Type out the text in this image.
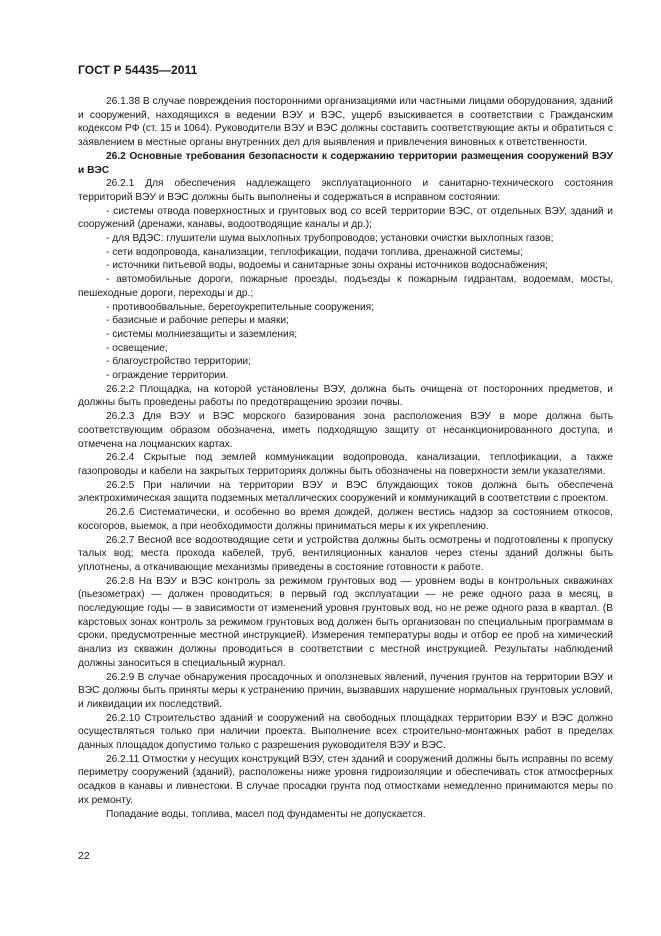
ГОСТ Р 54435—2011

26.1.38 В случае повреждения посторонними организациями или частными лицами оборудования, зданий и сооружений, находящихся в ведении ВЭУ и ВЭС, ущерб взыскивается в соответствии с Гражданским кодексом РФ (ст. 15 и 1064). Руководители ВЭУ и ВЭС должны составить соответствующие акты и обратиться с заявлением в местные органы внутренних дел для выявления и привлечения виновных к ответственности.

26.2 Основные требования безопасности к содержанию территории размещения сооружений ВЭУ и ВЭС

26.2.1 Для обеспечения надлежащего эксплуатационного и санитарно-технического состояния территорий ВЭУ и ВЭС должны быть выполнены и содержаться в исправном состоянии:

- системы отвода поверхностных и грунтовых вод со всей территории ВЭС, от отдельных ВЭУ, зданий и сооружений (дренажи, канавы, водоотводящие каналы и др.);

- для ВДЭС: глушители шума выхлопных трубопроводов; установки очистки выхлопных газов;

- сети водопровода, канализации, теплофикации, подачи топлива, дренажной системы;

- источники питьевой воды, водоемы и санитарные зоны охраны источников водоснабжения;

- автомобильные дороги, пожарные проезды, подъезды к пожарным гидрантам, водоемам, мосты, пешеходные дороги, переходы и др.;

- противообвальные, берегоукрепительные сооружения;

- базисные и рабочие реперы и маяки;

- системы молниезащиты и заземления;

- освещение;

- благоустройство территории;

- ограждение территории.

26.2.2 Площадка, на которой установлены ВЭУ, должна быть очищена от посторонних предметов, и должны быть проведены работы по предотвращению эрозии почвы.

26.2.3 Для ВЭУ и ВЭС морского базирования зона расположения ВЭУ в море должна быть соответствующим образом обозначена, иметь подходящую защиту от несанкционированного доступа, и отмечена на лоцманских картах.

26.2.4 Скрытые под землей коммуникации водопровода, канализации, теплофикации, а также газопроводы и кабели на закрытых территориях должны быть обозначены на поверхности земли указателями.

26.2.5 При наличии на территории ВЭУ и ВЭС блуждающих токов должна быть обеспечена электрохимическая защита подземных металлических сооружений и коммуникаций в соответствии с проектом.

26.2.6 Систематически, и особенно во время дождей, должен вестись надзор за состоянием откосов, косогоров, выемок, а при необходимости должны приниматься меры к их укреплению.

26.2.7 Весной все водоотводящие сети и устройства должны быть осмотрены и подготовлены к пропуску талых вод; места прохода кабелей, труб, вентиляционных каналов через стены зданий должны быть уплотнены, а откачивающие механизмы приведены в состояние готовности к работе.

26.2.8 На ВЭУ и ВЭС контроль за режимом грунтовых вод — уровнем воды в контрольных скважинах (пьезометрах) — должен проводиться: в первый год эксплуатации — не реже одного раза в месяц, в последующие годы — в зависимости от изменений уровня грунтовых вод, но не реже одного раза в квартал. (В карстовых зонах контроль за режимом грунтовых вод должен быть организован по специальным программам в сроки, предусмотренные местной инструкцией). Измерения температуры воды и отбор ее проб на химический анализ из скважин должны проводиться в соответствии с местной инструкцией. Результаты наблюдений должны заноситься в специальный журнал.

26.2.9 В случае обнаружения просадочных и оползневых явлений, пучения грунтов на территории ВЭУ и ВЭС должны быть приняты меры к устранению причин, вызвавших нарушение нормальных грунтовых условий, и ликвидации их последствий.

26.2.10 Строительство зданий и сооружений на свободных площадках территории ВЭУ и ВЭС должно осуществляться только при наличии проекта. Выполнение всех строительно-монтажных работ в пределах данных площадок допустимо только с разрешения руководителя ВЭУ и ВЭС.

26.2.11 Отмостки у несущих конструкций ВЭУ, стен зданий и сооружений должны быть исправны по всему периметру сооружений (зданий), расположены ниже уровня гидроизоляции и обеспечивать сток атмосферных осадков в канавы и ливнестоки. В случае просадки грунта под отмостками немедленно принимаются меры по их ремонту.

Попадание воды, топлива, масел под фундаменты не допускается.

22
